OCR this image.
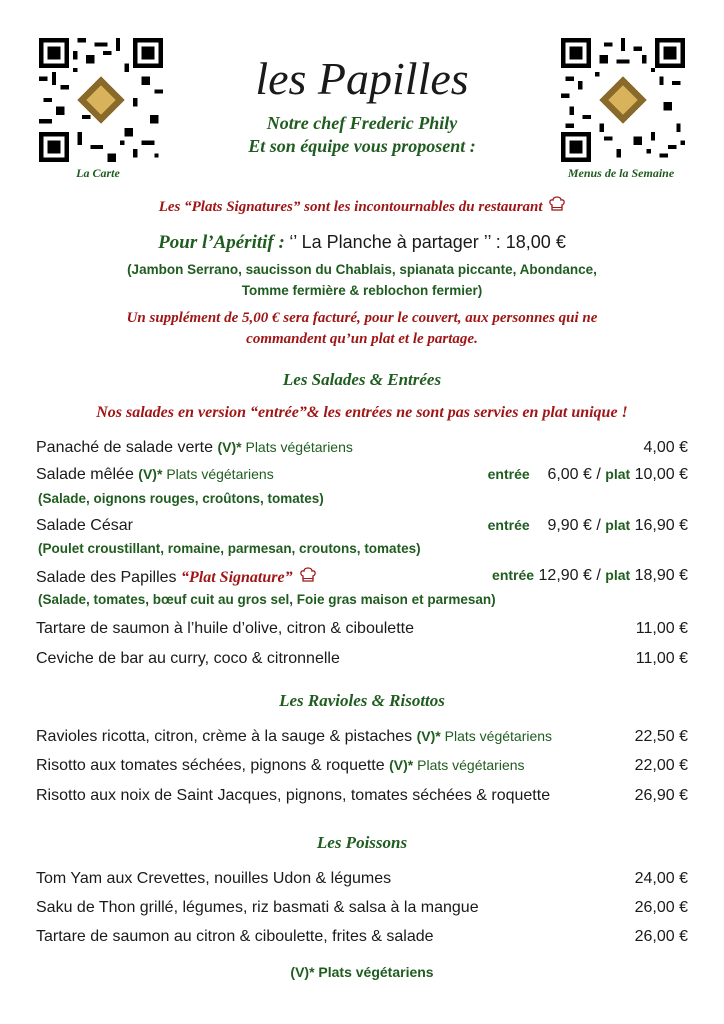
La Carte	Menus de la Semaine
les Papilles
Notre chef Frederic Phily
Et son équipe vous proposent :
Les “Plats Signatures” sont les incontournables du restaurant
Pour l’Apéritif : ‘’ La Planche à partager ’’ : 18,00 €
(Jambon Serrano, saucisson du Chablais, spianata piccante, Abondance,
Tomme fermière & reblochon fermier)
Un supplément de 5,00 € sera facturé, pour le couvert, aux personnes qui ne
commandent qu’un plat et le partage.
Les Salades & Entrées
Nos salades en version “entrée”& les entrées ne sont pas servies en plat unique !
Panaché de salade verte (V)* Plats végétariens	4,00 €
Salade mêlée (V)* Plats végétariens	entrée 6,00 € / plat 10,00 €
(Salade, oignons rouges, croûtons, tomates)
Salade César	entrée 9,90 € / plat 16,90 €
(Poulet croustillant, romaine, parmesan, croutons, tomates)
Salade des Papilles “Plat Signature”	entrée 12,90 € / plat 18,90 €
(Salade, tomates, bœuf cuit au gros sel, Foie gras maison et parmesan)
Tartare de saumon à l’huile d’olive, citron & ciboulette	11,00 €
Ceviche de bar au curry, coco & citronnelle	11,00 €
Les Ravioles & Risottos
Ravioles ricotta, citron, crème à la sauge & pistaches (V)* Plats végétariens	22,50 €
Risotto aux tomates séchées, pignons & roquette (V)* Plats végétariens	22,00 €
Risotto aux noix de Saint Jacques, pignons, tomates séchées & roquette	26,90 €
Les Poissons
Tom Yam aux Crevettes, nouilles Udon & légumes	24,00 €
Saku de Thon grillé, légumes, riz basmati & salsa à la mangue	26,00 €
Tartare de saumon au citron & ciboulette, frites & salade	26,00 €
(V)* Plats végétariens
